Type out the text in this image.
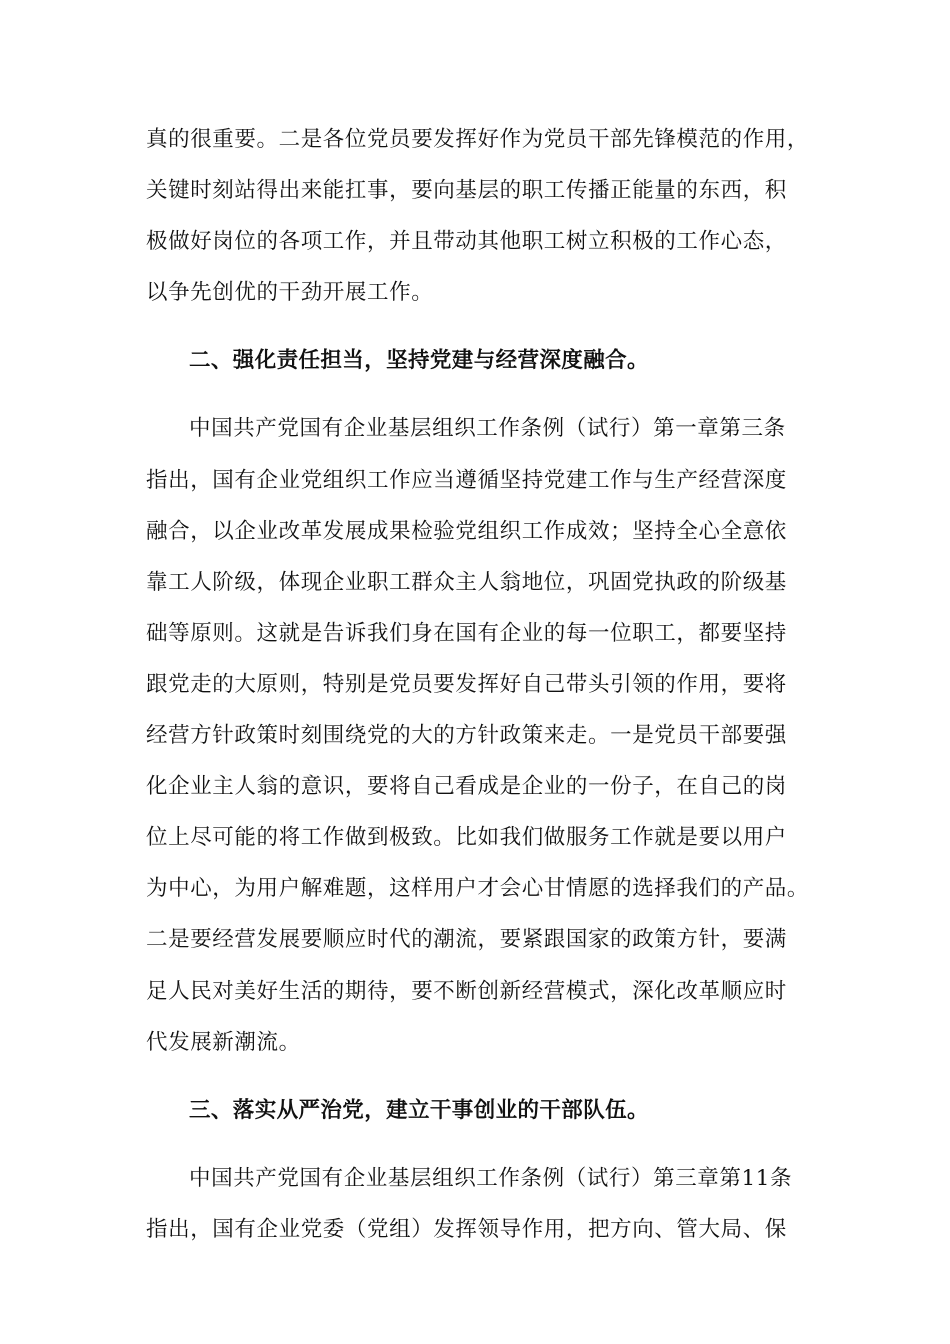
真的很重要。二是各位党员要发挥好作为党员干部先锋模范的作用，
关键时刻站得出来能扛事，要向基层的职工传播正能量的东西，积
极做好岗位的各项工作，并且带动其他职工树立积极的工作心态，
以争先创优的干劲开展工作。
二、强化责任担当，坚持党建与经营深度融合。
中国共产党国有企业基层组织工作条例（试行）第一章第三条
指出，国有企业党组织工作应当遵循坚持党建工作与生产经营深度
融合，以企业改革发展成果检验党组织工作成效；坚持全心全意依
靠工人阶级，体现企业职工群众主人翁地位，巩固党执政的阶级基
础等原则。这就是告诉我们身在国有企业的每一位职工，都要坚持
跟党走的大原则，特别是党员要发挥好自己带头引领的作用，要将
经营方针政策时刻围绕党的大的方针政策来走。一是党员干部要强
化企业主人翁的意识，要将自己看成是企业的一份子，在自己的岗
位上尽可能的将工作做到极致。比如我们做服务工作就是要以用户
为中心，为用户解难题，这样用户才会心甘情愿的选择我们的产品。
二是要经营发展要顺应时代的潮流，要紧跟国家的政策方针，要满
足人民对美好生活的期待，要不断创新经营模式，深化改革顺应时
代发展新潮流。
三、落实从严治党，建立干事创业的干部队伍。
中国共产党国有企业基层组织工作条例（试行）第三章第11条
指出，国有企业党委（党组）发挥领导作用，把方向、管大局、保
